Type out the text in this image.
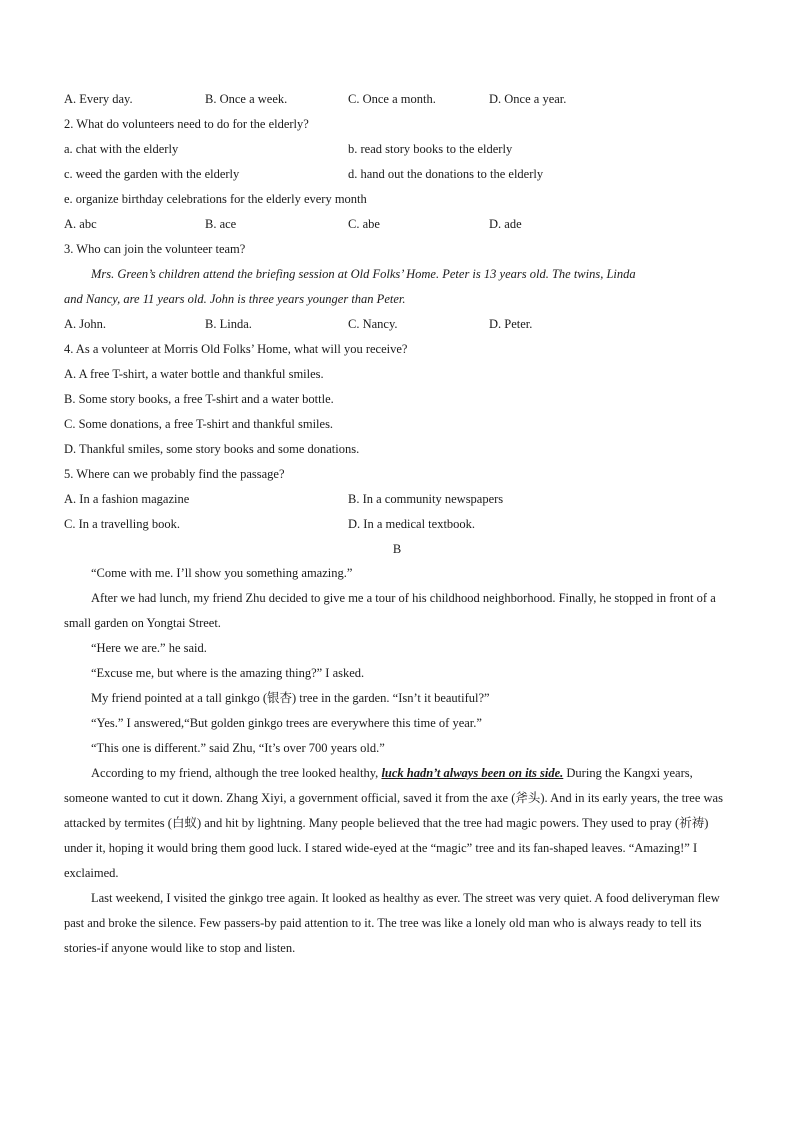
A. Every day.	B. Once a week.	C. Once a month.	D. Once a year.
2. What do volunteers need to do for the elderly?
a. chat with the elderly	b. read story books to the elderly
c. weed the garden with the elderly	d. hand out the donations to the elderly
e. organize birthday celebrations for the elderly every month
A. abc	B. ace	C. abe	D. ade
3. Who can join the volunteer team?
Mrs. Green’s children attend the briefing session at Old Folks’ Home. Peter is 13 years old. The twins, Linda
and Nancy, are 11 years old. John is three years younger than Peter.
A. John.	B. Linda.	C. Nancy.	D. Peter.
4. As a volunteer at Morris Old Folks’ Home, what will you receive?
A. A free T-shirt, a water bottle and thankful smiles.
B. Some story books, a free T-shirt and a water bottle.
C. Some donations, a free T-shirt and thankful smiles.
D. Thankful smiles, some story books and some donations.
5. Where can we probably find the passage?
A. In a fashion magazine	B. In a community newspapers
C. In a travelling book.	D. In a medical textbook.
B

“Come with me. I’ll show you something amazing.”

After we had lunch, my friend Zhu decided to give me a tour of his childhood neighborhood. Finally, he stopped in front of a small garden on Yongtai Street.

“Here we are.” he said.

“Excuse me, but where is the amazing thing?” I asked.

My friend pointed at a tall ginkgo (银杏) tree in the garden. “Isn’t it beautiful?”

“Yes.” I answered,“But golden ginkgo trees are everywhere this time of year.”

“This one is different.” said Zhu, “It’s over 700 years old.”

According to my friend, although the tree looked healthy, luck hadn’t always been on its side. During the Kangxi years, someone wanted to cut it down. Zhang Xiyi, a government official, saved it from the axe (斧头). And in its early years, the tree was attacked by termites (白蚁) and hit by lightning. Many people believed that the tree had magic powers. They used to pray (祈祷) under it, hoping it would bring them good luck. I stared wide-eyed at the “magic” tree and its fan-shaped leaves. “Amazing!” I exclaimed.

Last weekend, I visited the ginkgo tree again. It looked as healthy as ever. The street was very quiet. A food deliveryman flew past and broke the silence. Few passers-by paid attention to it. The tree was like a lonely old man who is always ready to tell its stories-if anyone would like to stop and listen.
